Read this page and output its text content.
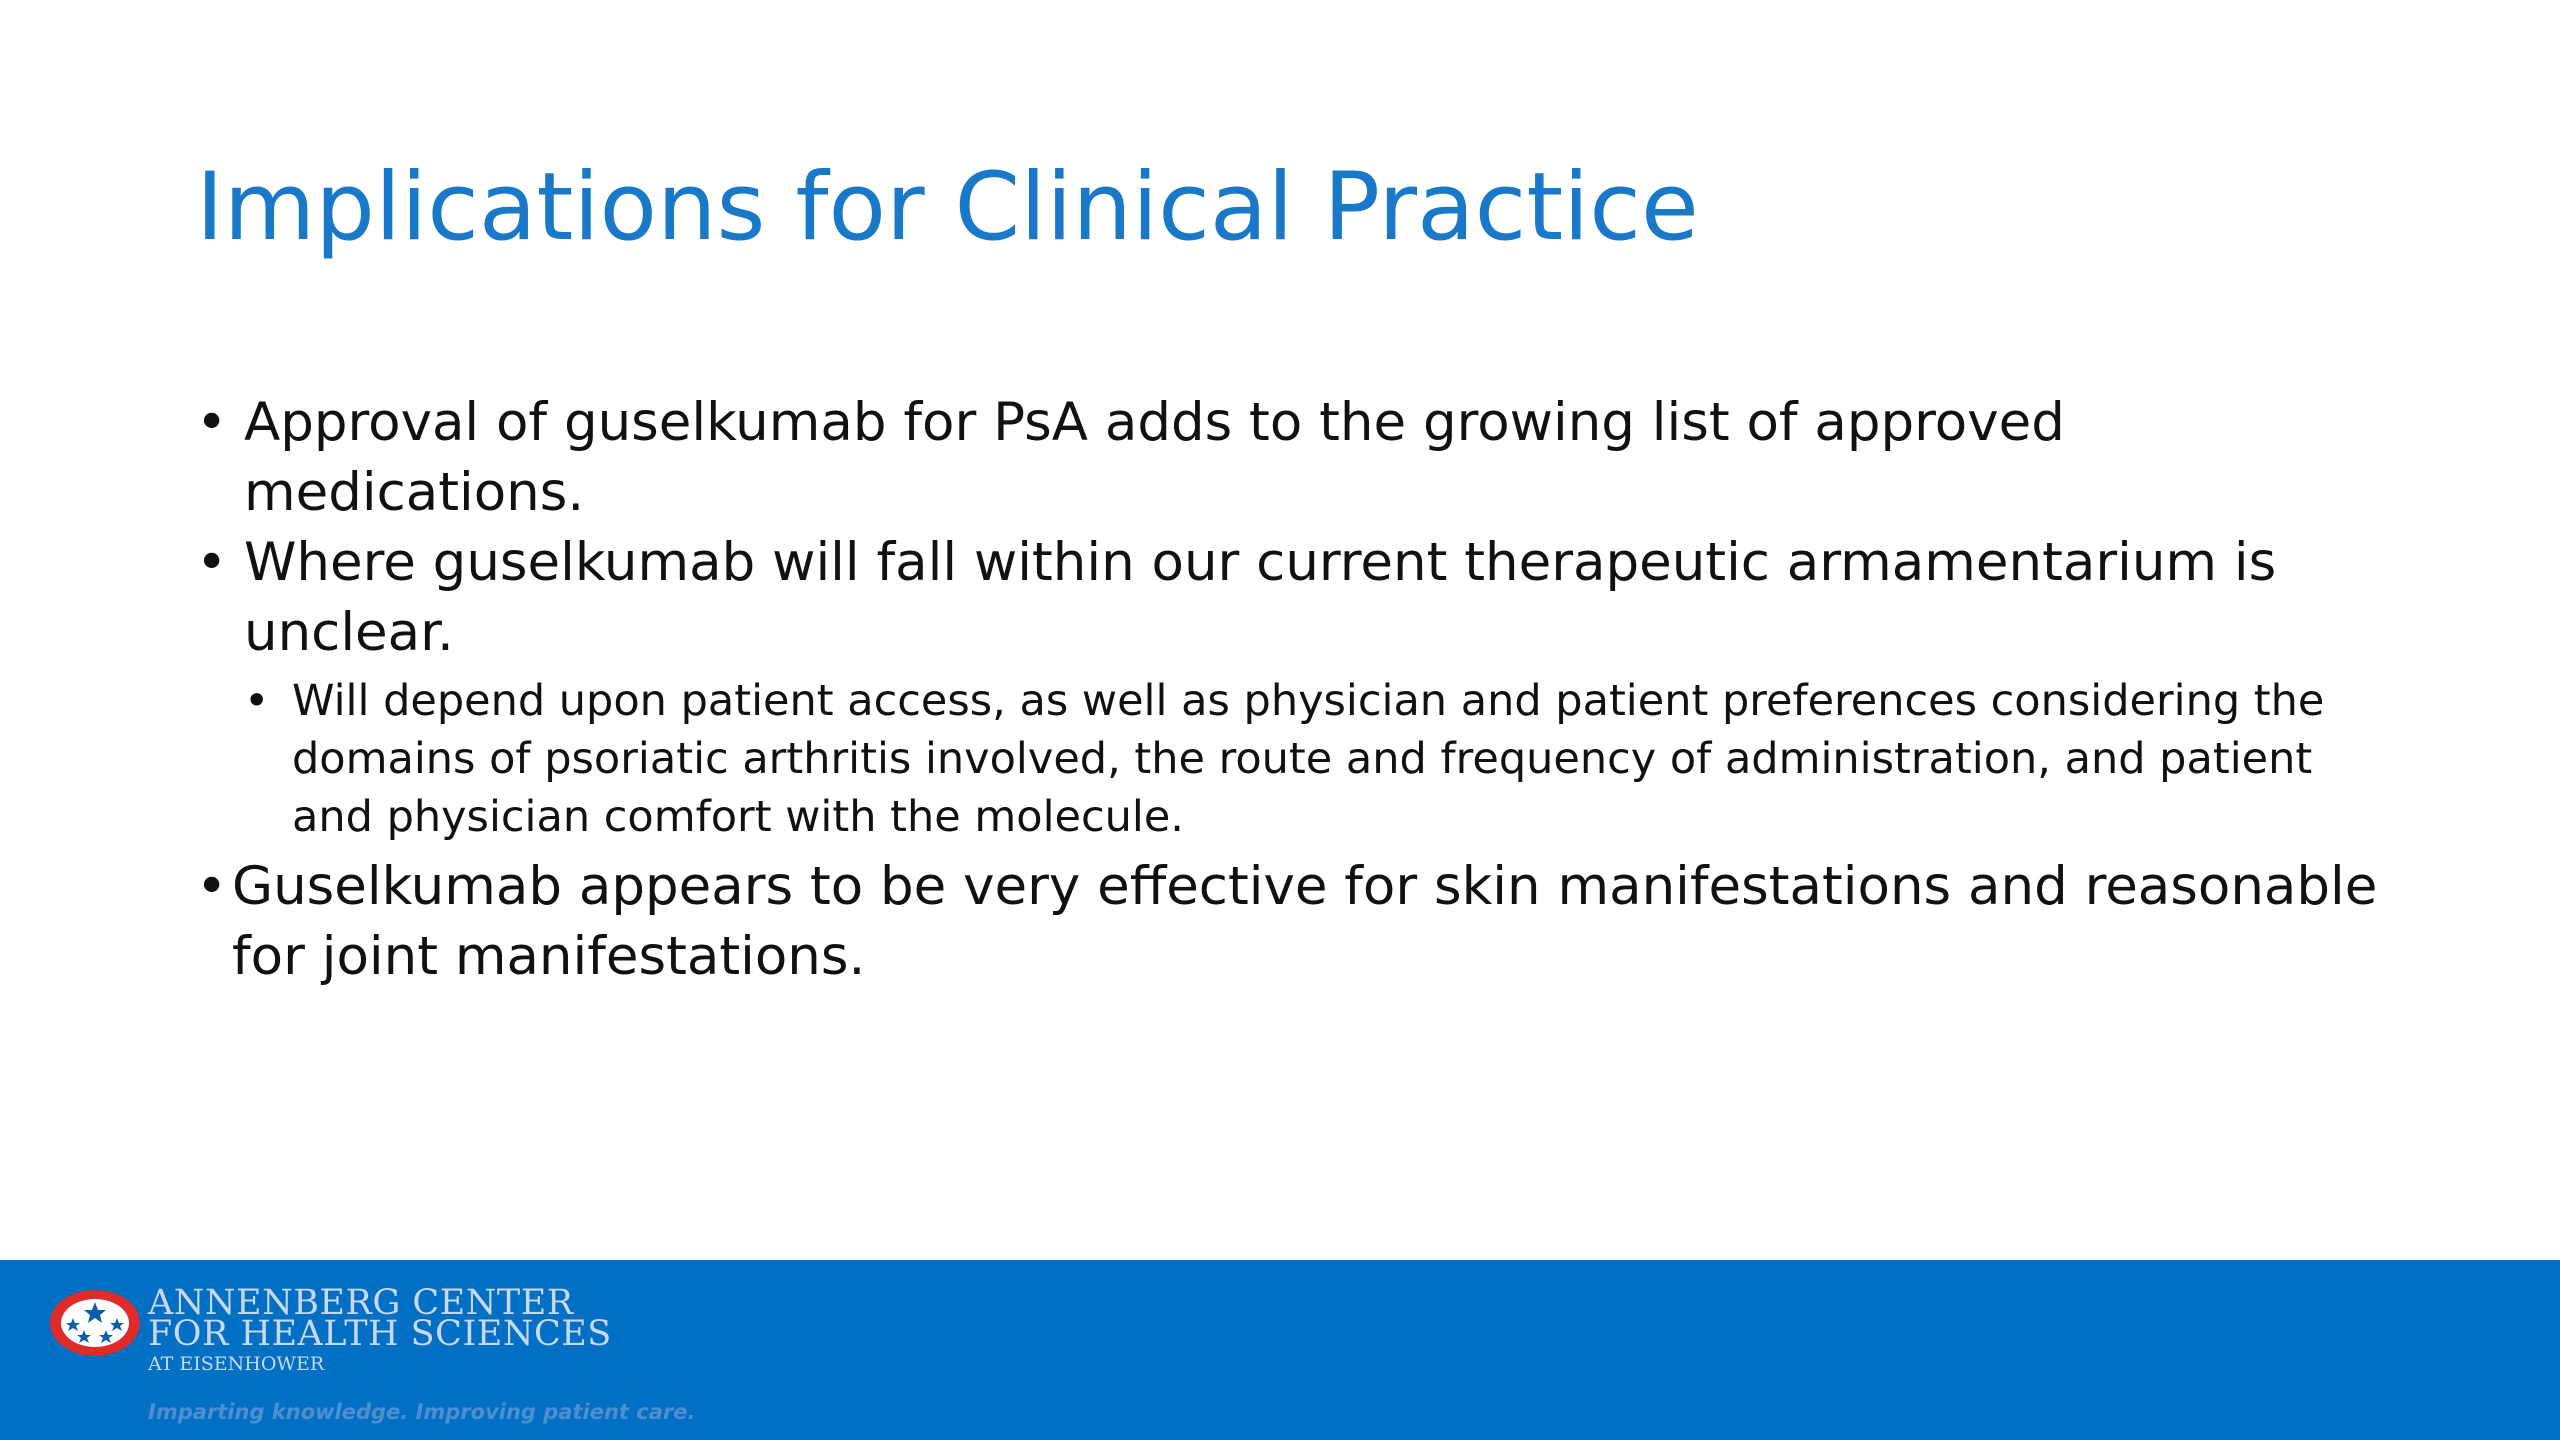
Implications for Clinical Practice
• Approval of guselkumab for PsA adds to the growing list of approved medications.
• Where guselkumab will fall within our current therapeutic armamentarium is unclear.
• Will depend upon patient access, as well as physician and patient preferences considering the domains of psoriatic arthritis involved, the route and frequency of administration, and patient and physician comfort with the molecule.
• Guselkumab appears to be very effective for skin manifestations and reasonable for joint manifestations.
ANNENBERG CENTER
FOR HEALTH SCIENCES
AT EISENHOWER
Imparting knowledge. Improving patient care.
